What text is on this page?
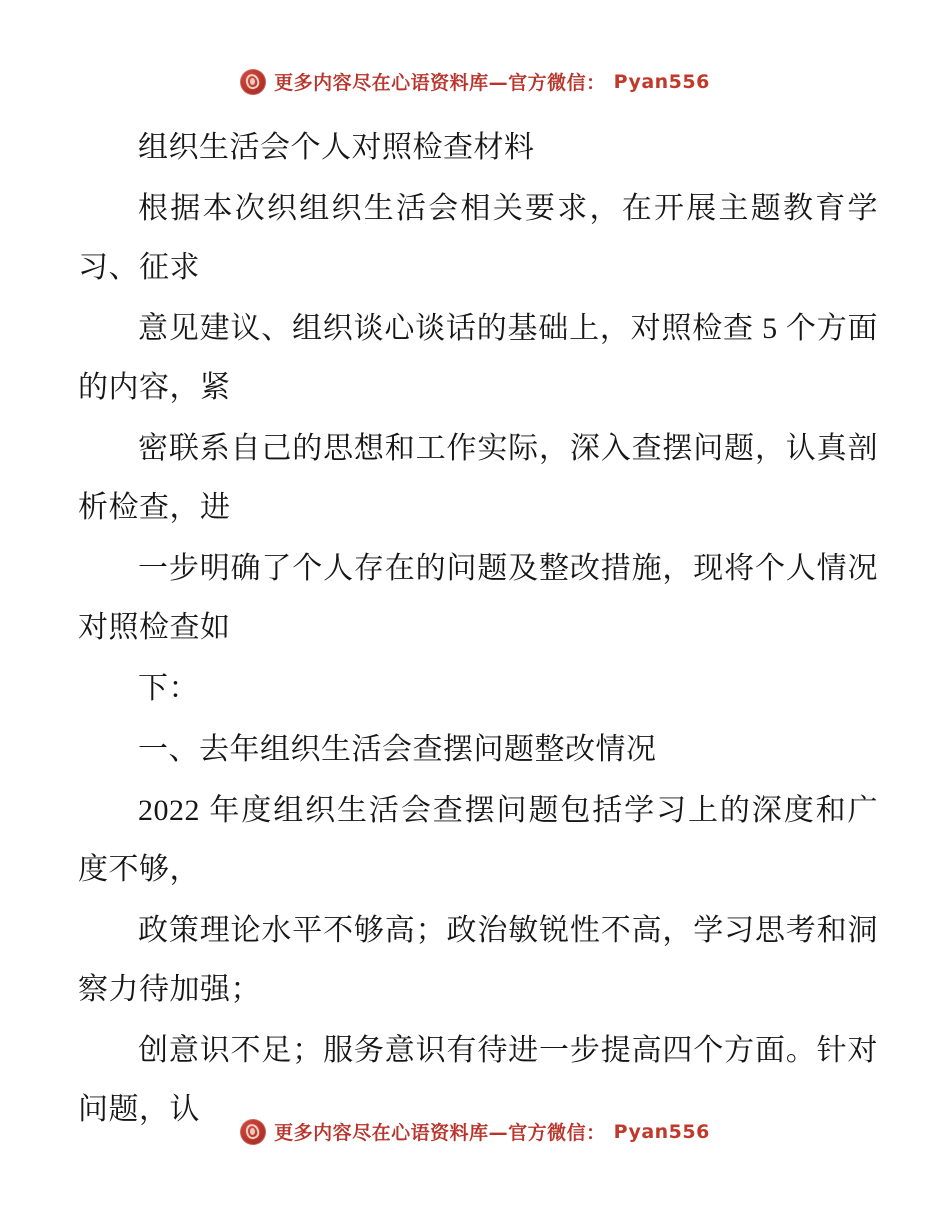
更多内容尽在心语资料库—官方微信： Pyan556

组织生活会个人对照检查材料

根据本次织组织生活会相关要求，在开展主题教育学习、征求

意见建议、组织谈心谈话的基础上，对照检查 5 个方面的内容，紧

密联系自己的思想和工作实际，深入查摆问题，认真剖析检查，进

一步明确了个人存在的问题及整改措施，现将个人情况对照检查如

下：

一、去年组织生活会查摆问题整改情况

2022 年度组织生活会查摆问题包括学习上的深度和广度不够，

政策理论水平不够高；政治敏锐性不高，学习思考和洞察力待加强；

创意识不足；服务意识有待进一步提高四个方面。针对问题，认

更多内容尽在心语资料库—官方微信： Pyan556
